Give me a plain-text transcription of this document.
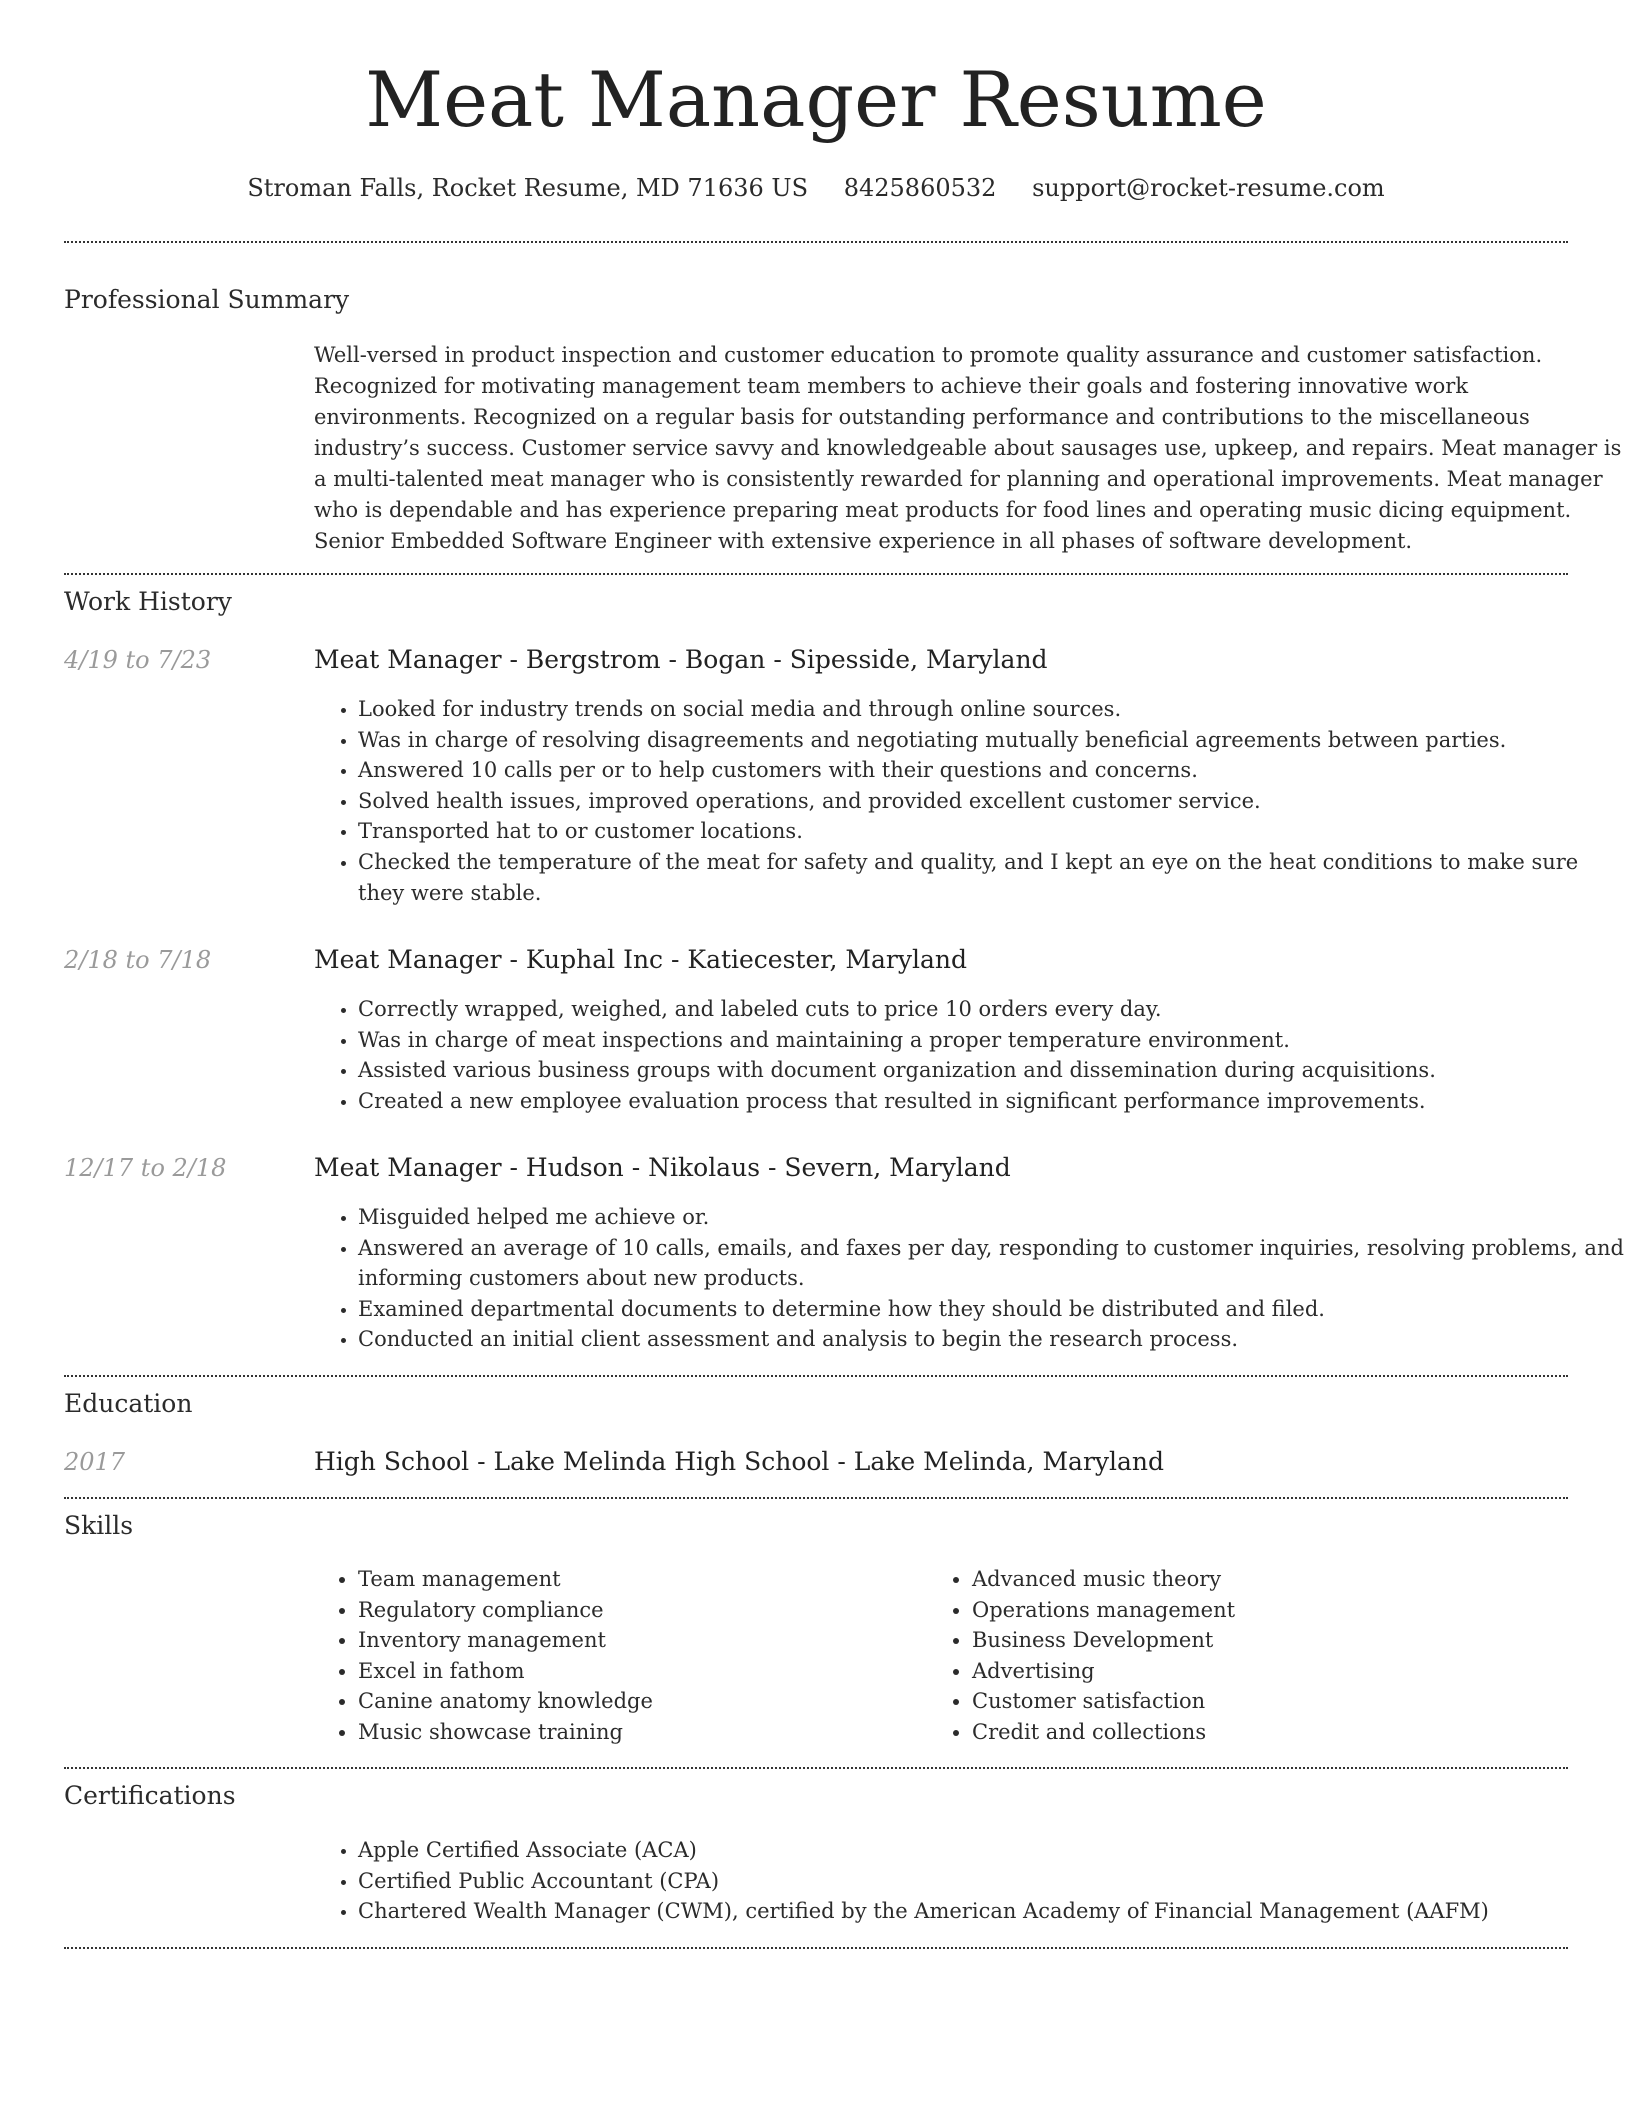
Meat Manager Resume
Stroman Falls, Rocket Resume, MD 71636 US 8425860532 support@rocket-resume.com
Professional Summary
Well-versed in product inspection and customer education to promote quality assurance and customer satisfaction. Recognized for motivating management team members to achieve their goals and fostering innovative work environments. Recognized on a regular basis for outstanding performance and contributions to the miscellaneous industry’s success. Customer service savvy and knowledgeable about sausages use, upkeep, and repairs. Meat manager is a multi-talented meat manager who is consistently rewarded for planning and operational improvements. Meat manager who is dependable and has experience preparing meat products for food lines and operating music dicing equipment. Senior Embedded Software Engineer with extensive experience in all phases of software development.
Work History
4/19 to 7/23	Meat Manager - Bergstrom - Bogan - Sipesside, Maryland
• Looked for industry trends on social media and through online sources.
• Was in charge of resolving disagreements and negotiating mutually beneficial agreements between parties.
• Answered 10 calls per or to help customers with their questions and concerns.
• Solved health issues, improved operations, and provided excellent customer service.
• Transported hat to or customer locations.
• Checked the temperature of the meat for safety and quality, and I kept an eye on the heat conditions to make sure they were stable.
2/18 to 7/18	Meat Manager - Kuphal Inc - Katiecester, Maryland
• Correctly wrapped, weighed, and labeled cuts to price 10 orders every day.
• Was in charge of meat inspections and maintaining a proper temperature environment.
• Assisted various business groups with document organization and dissemination during acquisitions.
• Created a new employee evaluation process that resulted in significant performance improvements.
12/17 to 2/18	Meat Manager - Hudson - Nikolaus - Severn, Maryland
• Misguided helped me achieve or.
• Answered an average of 10 calls, emails, and faxes per day, responding to customer inquiries, resolving problems, and informing customers about new products.
• Examined departmental documents to determine how they should be distributed and filed.
• Conducted an initial client assessment and analysis to begin the research process.
Education
2017	High School - Lake Melinda High School - Lake Melinda, Maryland
Skills
• Team management
• Regulatory compliance
• Inventory management
• Excel in fathom
• Canine anatomy knowledge
• Music showcase training
• Advanced music theory
• Operations management
• Business Development
• Advertising
• Customer satisfaction
• Credit and collections
Certifications
• Apple Certified Associate (ACA)
• Certified Public Accountant (CPA)
• Chartered Wealth Manager (CWM), certified by the American Academy of Financial Management (AAFM)
